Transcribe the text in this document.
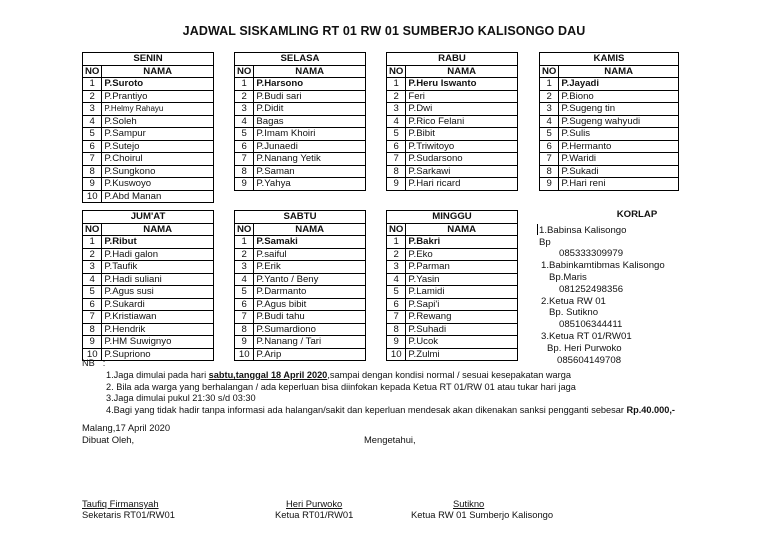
JADWAL SISKAMLING RT 01 RW 01 SUMBERJO KALISONGO DAU
SENIN	
NO	NAMA
1	P.Suroto
2	P.Prantiyo
3	P.Helmy Rahayu
4	P.Soleh
5	P.Sampur
6	P.Sutejo
7	P.Choirul
8	P.Sungkono
9	P.Kuswoyo
10	P.Abd Manan
SELASA	
NO	NAMA
1	P.Harsono
2	P.Budi sari
3	P.Didit
4	Bagas
5	P.Imam Khoiri
6	P.Junaedi
7	P.Nanang Yetik
8	P.Saman
9	P.Yahya
RABU	
NO	NAMA
1	P.Heru Iswanto
2	Feri
3	P.Dwi
4	P.Rico Felani
5	P.Bibit
6	P.Triwitoyo
7	P.Sudarsono
8	P.Sarkawi
9	P.Hari ricard
KAMIS	
NO	NAMA
1	P.Jayadi
2	P.Biono
3	P.Sugeng tin
4	P.Sugeng wahyudi
5	P.Sulis
6	P.Hermanto
7	P.Waridi
8	P.Sukadi
9	P.Hari reni
JUM'AT	
NO	NAMA
1	P.Ribut
2	P.Hadi galon
3	P.Taufik
4	P.Hadi suliani
5	P.Agus susi
6	P.Sukardi
7	P.Kristiawan
8	P.Hendrik
9	P.HM Suwignyo
10	P.Suprionο
SABTU	
NO	NAMA
1	P.Samaki
2	P.saiful
3	P.Erik
4	P.Yanto / Beny
5	P.Darmanto
6	P.Agus bibit
7	P.Budi tahu
8	P.Sumardiono
9	P.Nanang / Tari
10	P.Arip
MINGGU	
NO	NAMA
1	P.Bakri
2	P.Eko
3	P.Parman
4	P.Yasin
5	P.Lamidi
6	P.Sapi'i
7	P.Rewang
8	P.Suhadi
9	P.Ucok
10	P.Zulmi
KORLAP
1.Babinsa Kalisongo
Bp
085333309979
1.Babinkamtibmas Kalisongo
Bp.Maris
081252498356
2.Ketua RW 01
Bp. Sutikno
085106344411
3.Ketua RT 01/RW01
Bp. Heri Purwoko
085604149708
NB :
1.Jaga dimulai pada hari sabtu,tanggal 18 April 2020,sampai dengan kondisi normal / sesuai kesepakatan warga
2. Bila ada warga yang berhalangan / ada keperluan bisa diinfokan kepada Ketua RT 01/RW 01 atau tukar hari jaga
3.Jaga dimulai pukul 21:30 s/d 03:30
4.Bagi yang tidak hadir tanpa informasi ada halangan/sakit dan keperluan mendesak akan dikenakan sanksi pengganti sebesar Rp.40.000,-
Malang,17 April 2020
Dibuat Oleh,	Mengetahui,
Taufiq Firmansyah
Seketaris RT01/RW01
Heri Purwoko
Ketua RT01/RW01
Sutikno
Ketua RW 01 Sumberjo Kalisongo
